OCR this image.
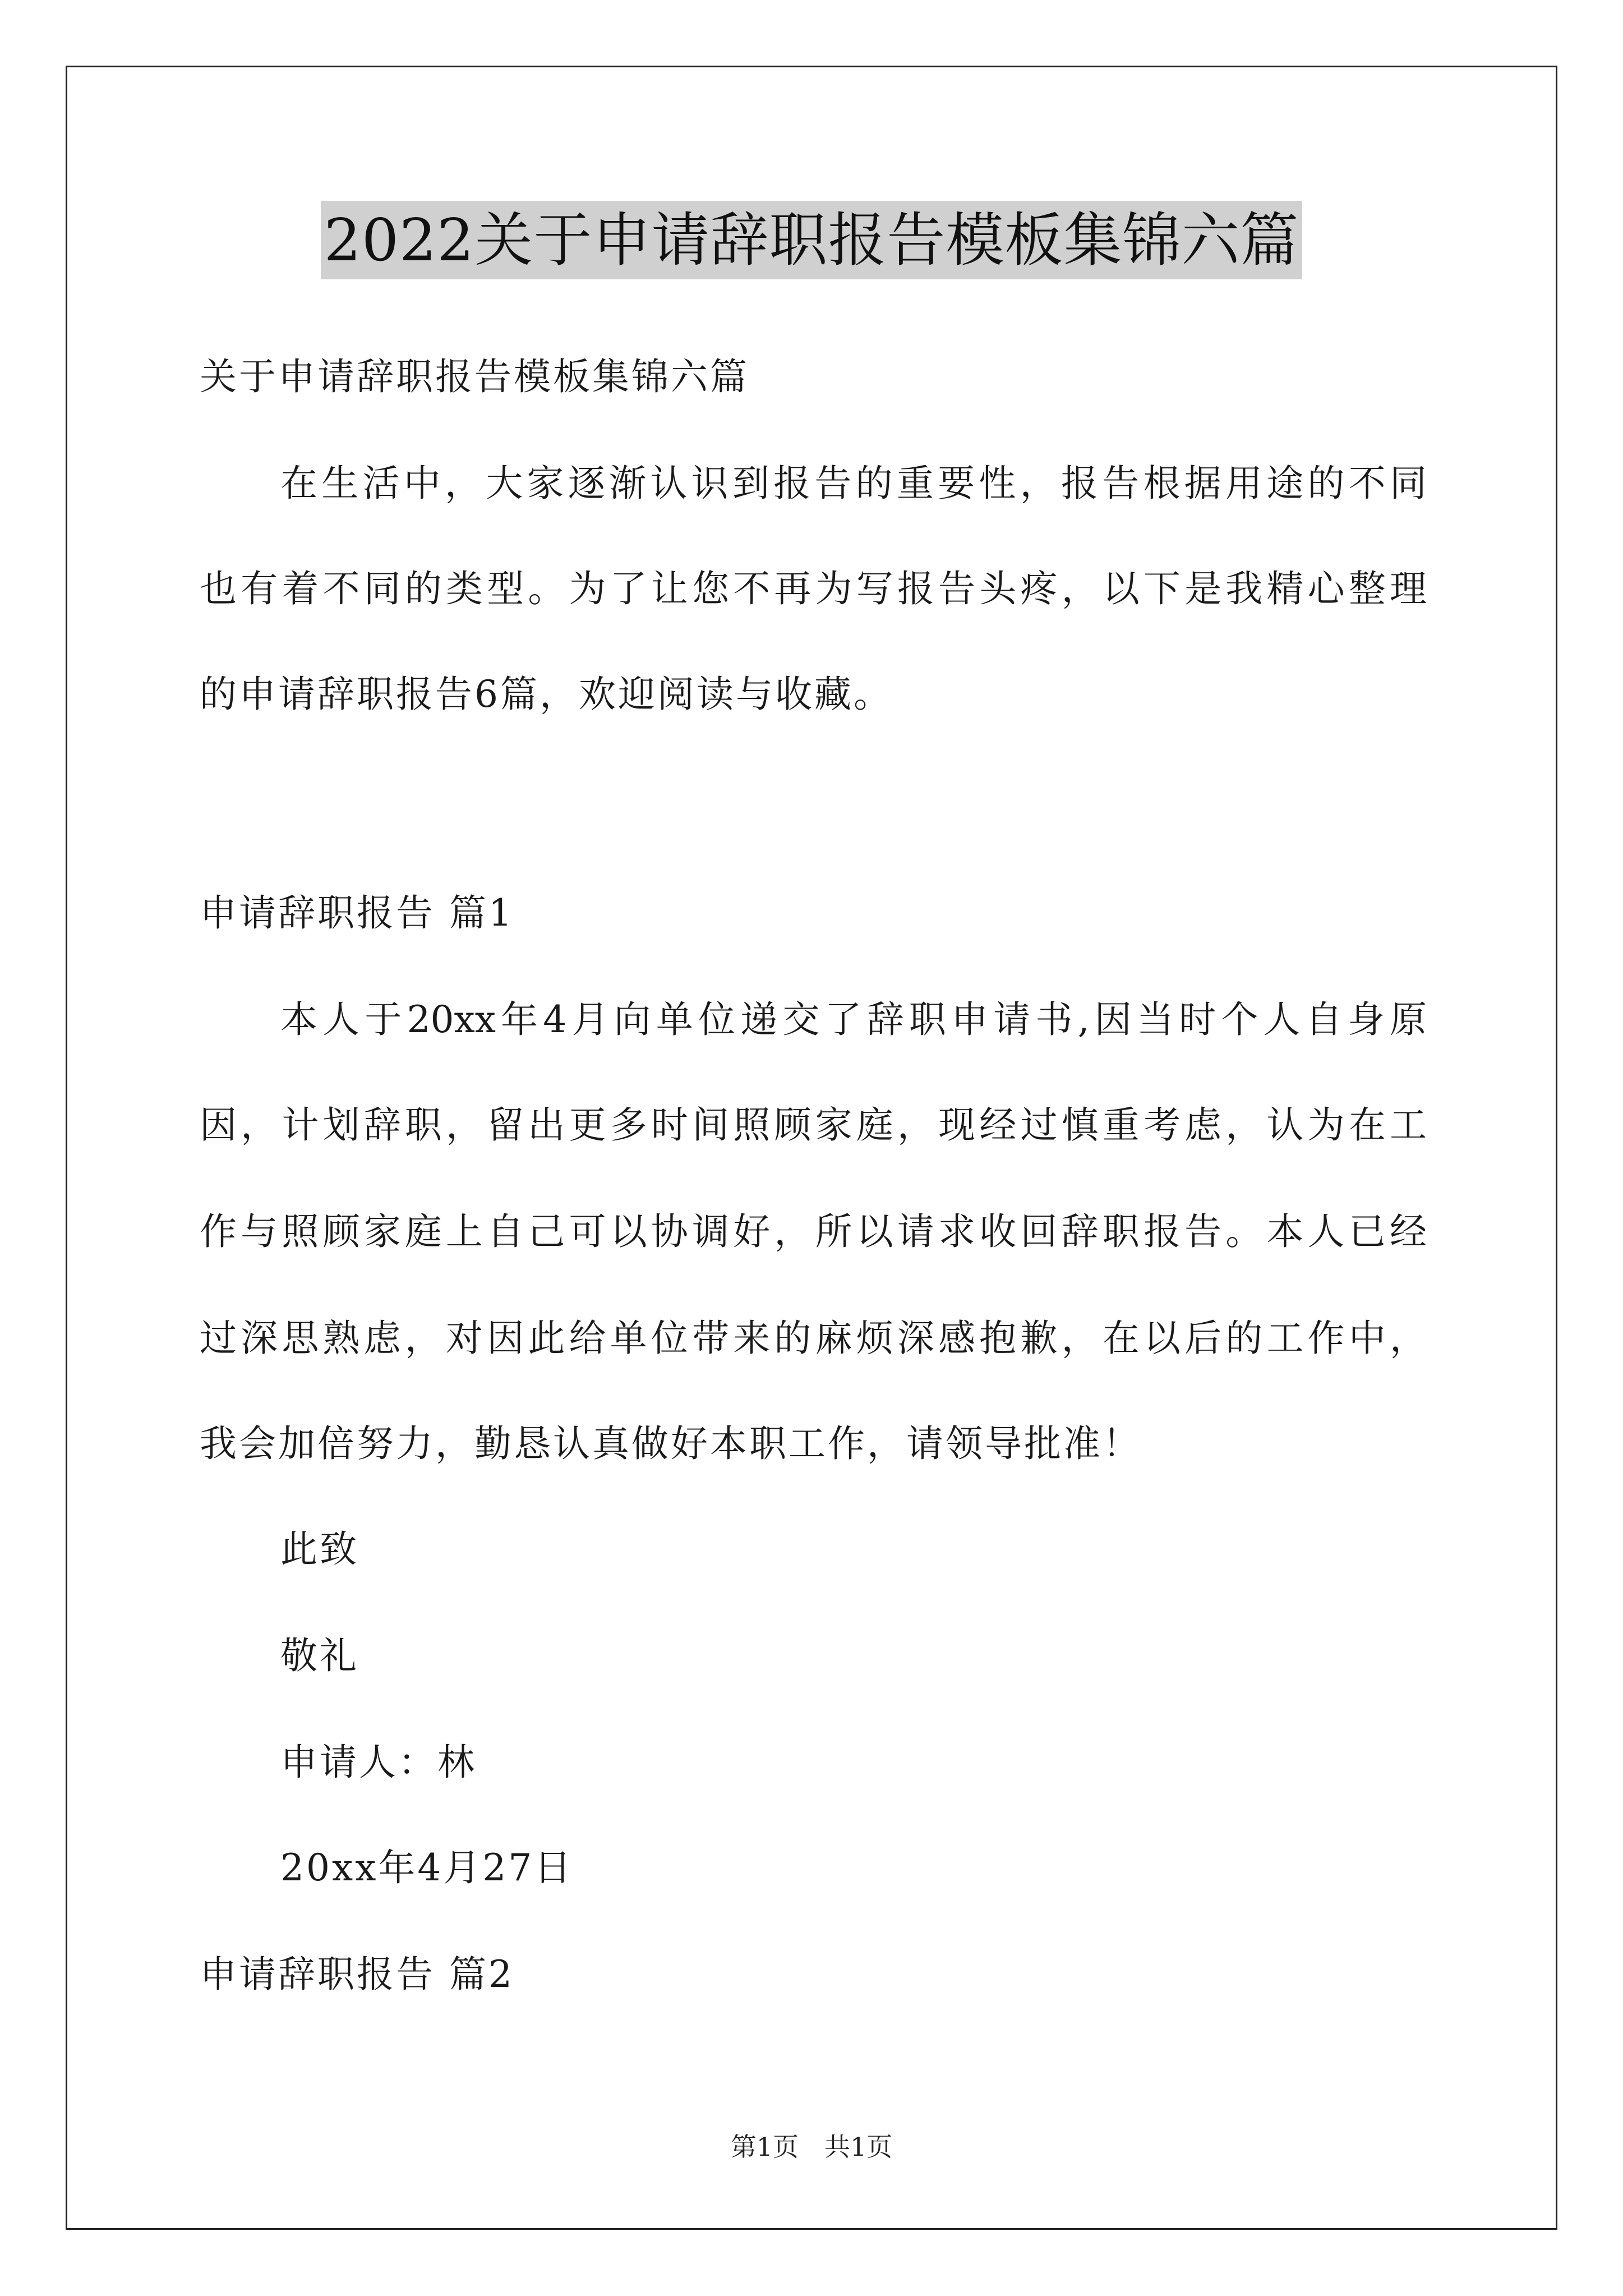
2022关于申请辞职报告模板集锦六篇
关于申请辞职报告模板集锦六篇
在生活中，大家逐渐认识到报告的重要性，报告根据用途的不同
也有着不同的类型。为了让您不再为写报告头疼，以下是我精心整理
的申请辞职报告6篇，欢迎阅读与收藏。
申请辞职报告 篇1
本人于20xx年4月向单位递交了辞职申请书,因当时个人自身原
因，计划辞职，留出更多时间照顾家庭，现经过慎重考虑，认为在工
作与照顾家庭上自己可以协调好，所以请求收回辞职报告。本人已经
过深思熟虑，对因此给单位带来的麻烦深感抱歉，在以后的工作中，
我会加倍努力，勤恳认真做好本职工作，请领导批准！
此致
敬礼
申请人：林
20xx年4月27日
申请辞职报告 篇2
第1页　共1页
